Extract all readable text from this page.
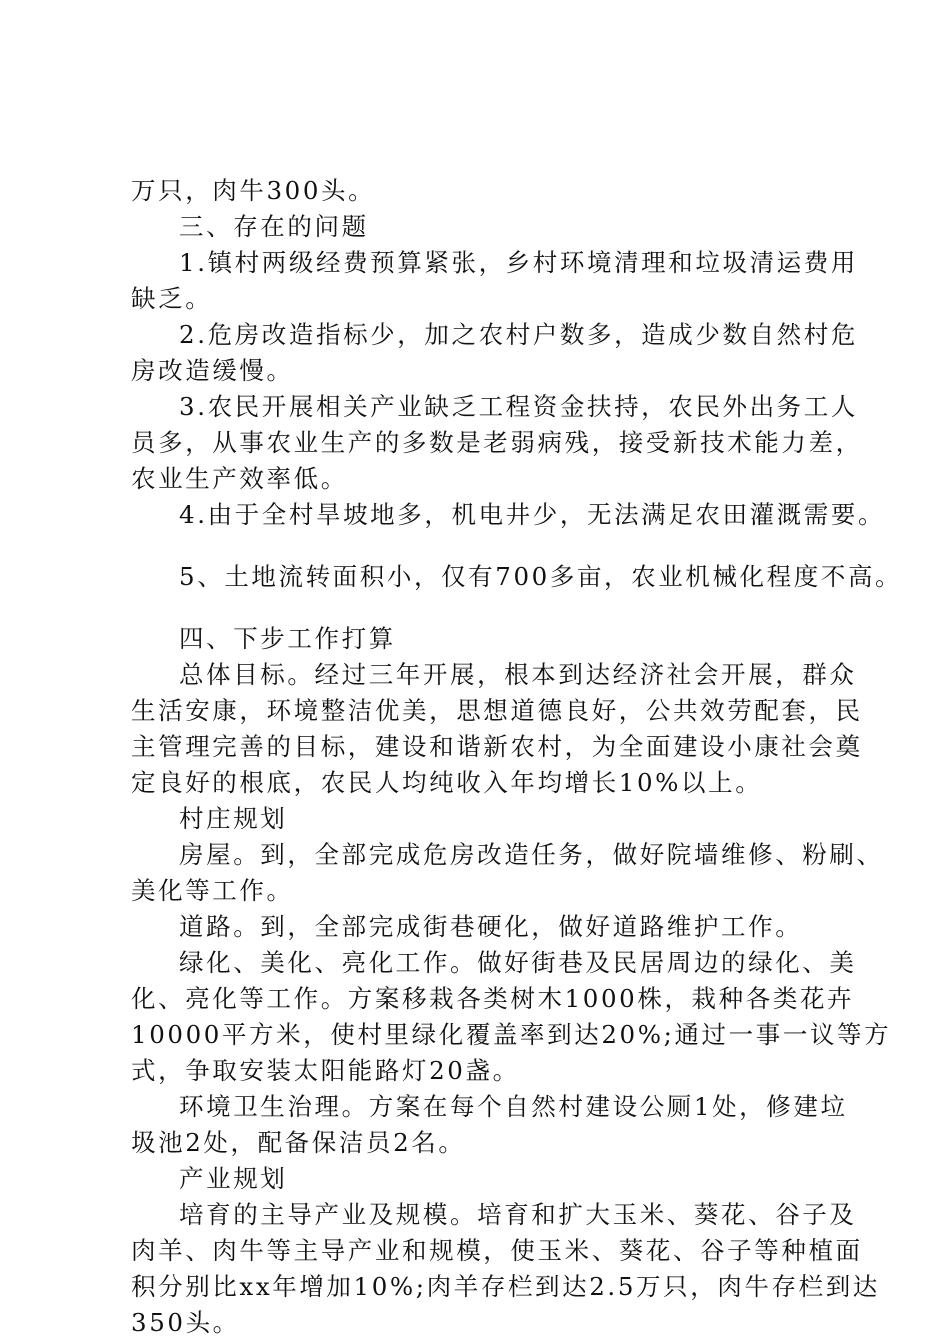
万只，肉牛300头。
三、存在的问题
1.镇村两级经费预算紧张，乡村环境清理和垃圾清运费用
缺乏。
2.危房改造指标少，加之农村户数多，造成少数自然村危
房改造缓慢。
3.农民开展相关产业缺乏工程资金扶持，农民外出务工人
员多，从事农业生产的多数是老弱病残，接受新技术能力差，
农业生产效率低。
4.由于全村旱坡地多，机电井少，无法满足农田灌溉需要。
5、土地流转面积小，仅有700多亩，农业机械化程度不高。
四、下步工作打算
总体目标。经过三年开展，根本到达经济社会开展，群众
生活安康，环境整洁优美，思想道德良好，公共效劳配套，民
主管理完善的目标，建设和谐新农村，为全面建设小康社会奠
定良好的根底，农民人均纯收入年均增长10%以上。
村庄规划
房屋。到，全部完成危房改造任务，做好院墙维修、粉刷、
美化等工作。
道路。到，全部完成街巷硬化，做好道路维护工作。
绿化、美化、亮化工作。做好街巷及民居周边的绿化、美
化、亮化等工作。方案移栽各类树木1000株，栽种各类花卉
10000平方米，使村里绿化覆盖率到达20%;通过一事一议等方
式，争取安装太阳能路灯20盏。
环境卫生治理。方案在每个自然村建设公厕1处，修建垃
圾池2处，配备保洁员2名。
产业规划
培育的主导产业及规模。培育和扩大玉米、葵花、谷子及
肉羊、肉牛等主导产业和规模，使玉米、葵花、谷子等种植面
积分别比xx年增加10%;肉羊存栏到达2.5万只，肉牛存栏到达
350头。
